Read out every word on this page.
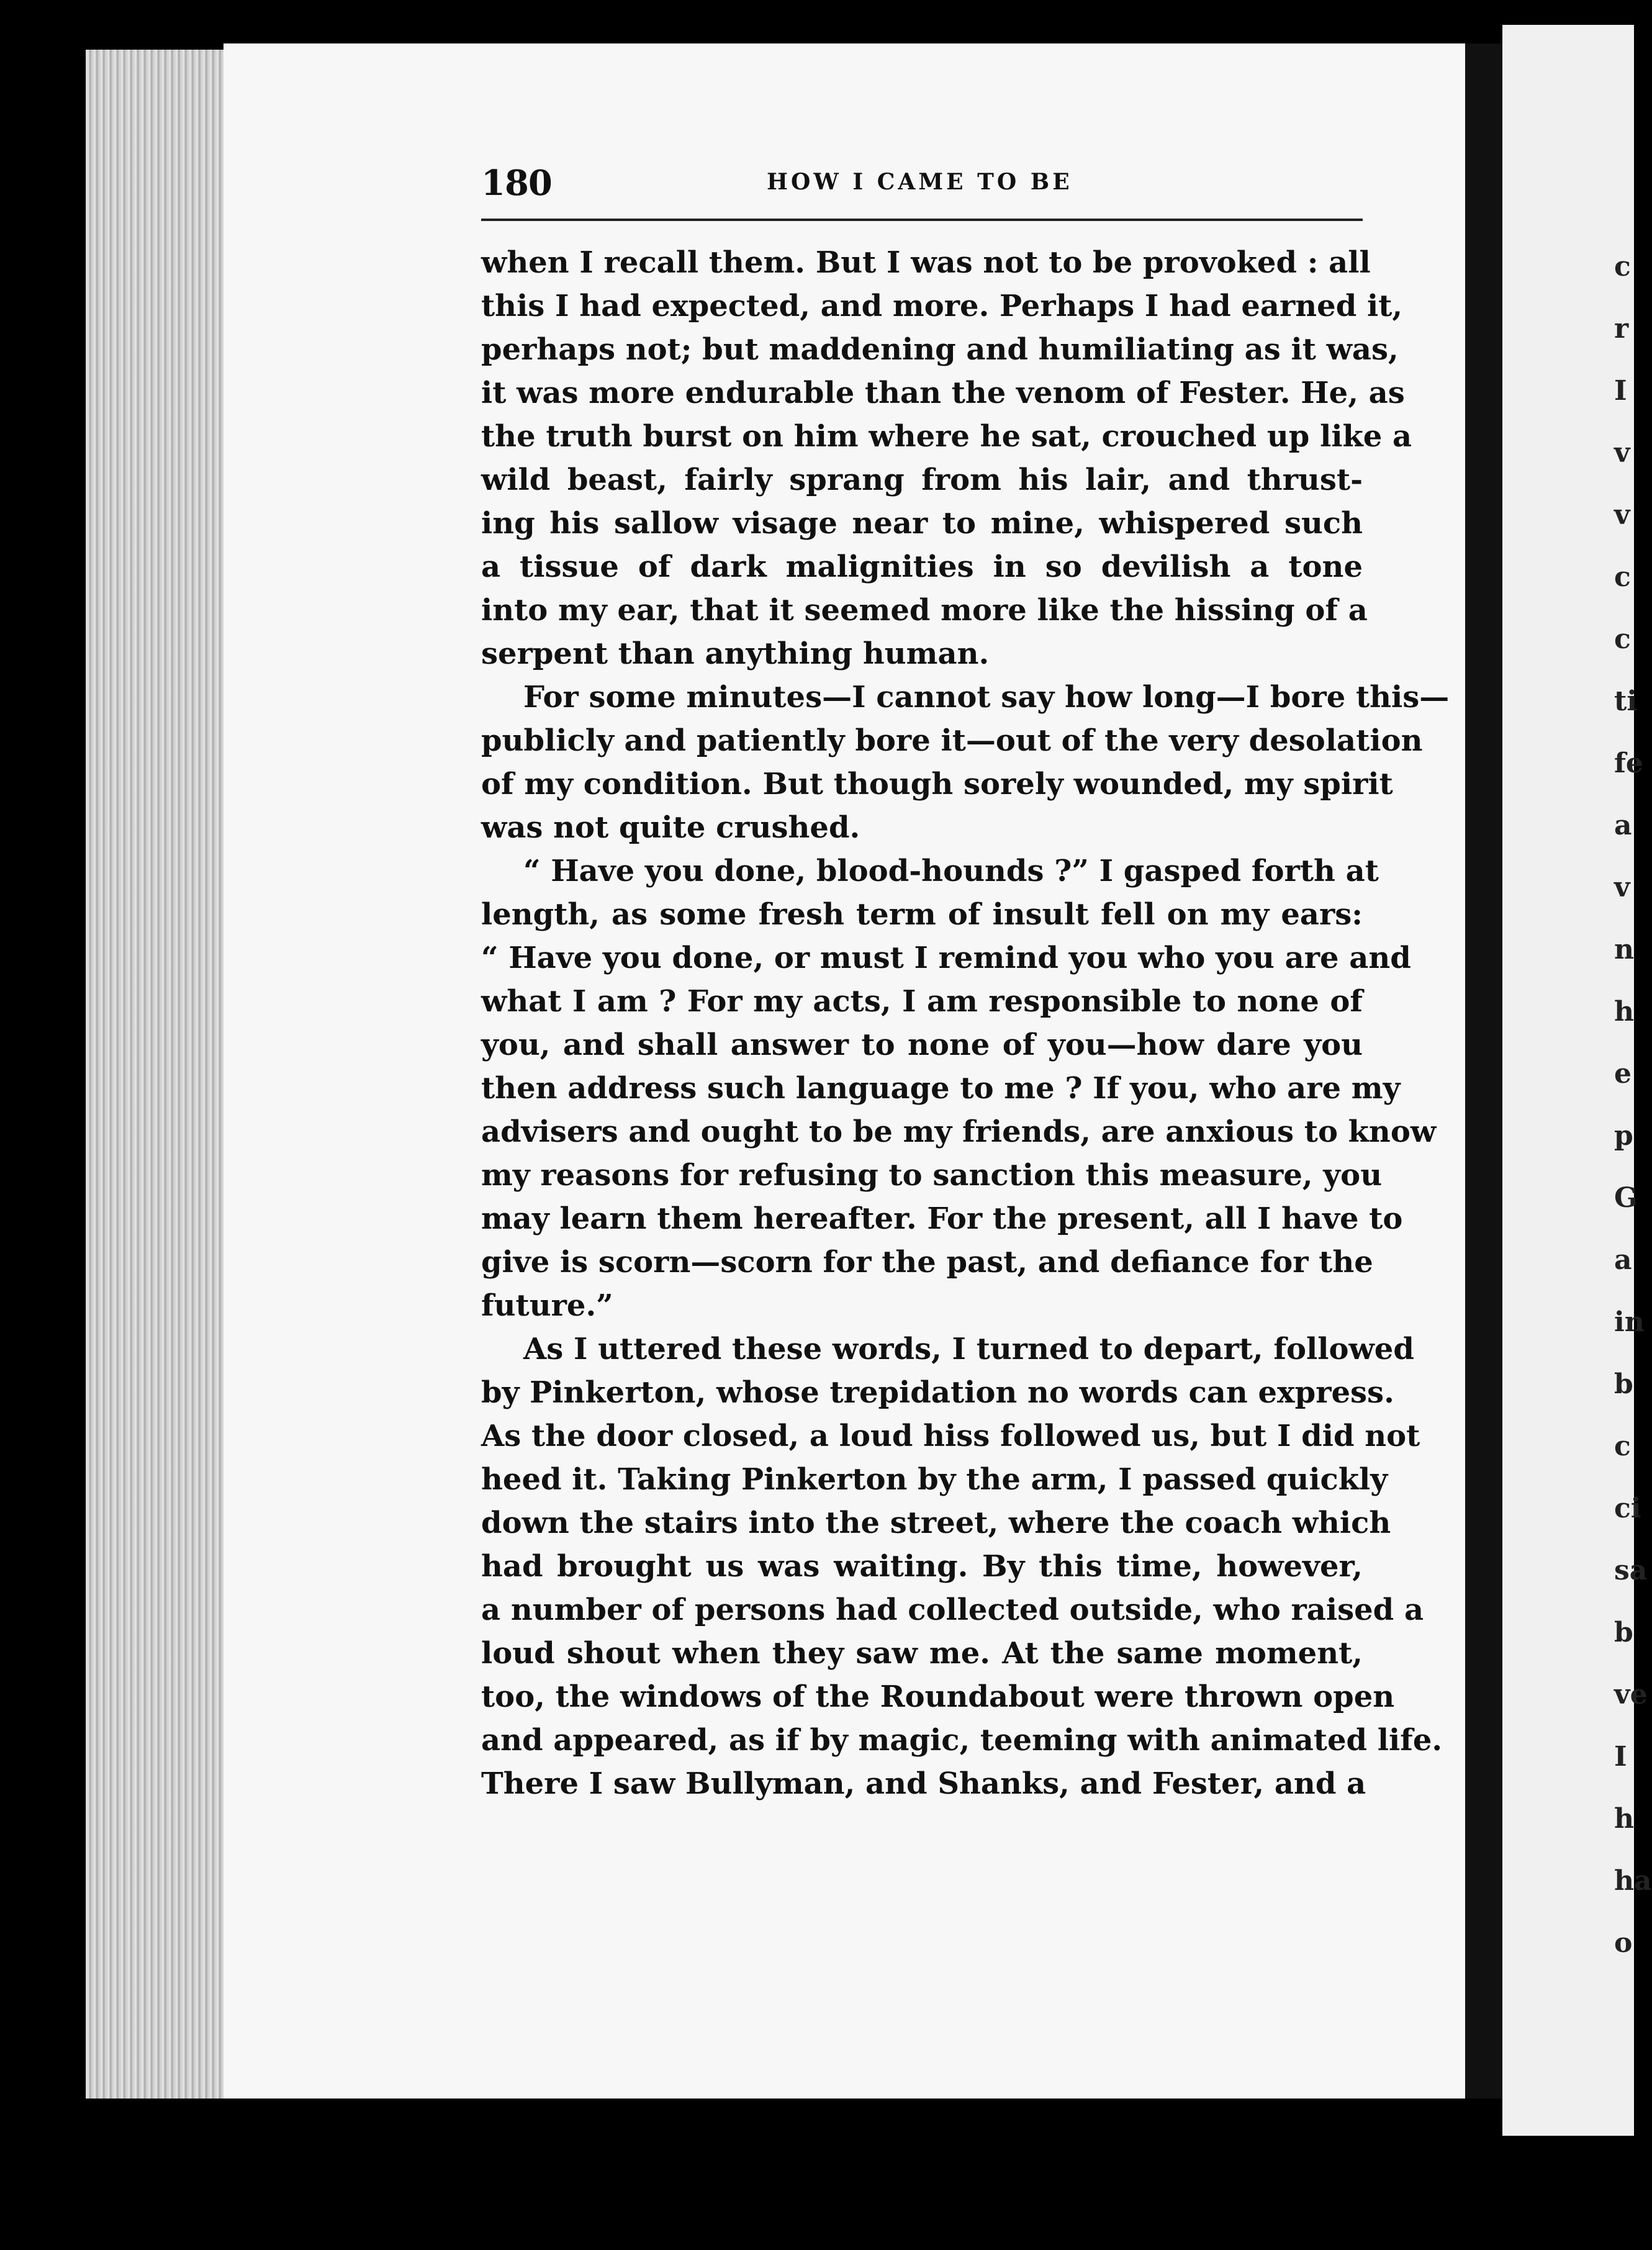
180	HOW I CAME TO BE
when I recall them. But I was not to be provoked : all
this I had expected, and more. Perhaps I had earned it,
perhaps not; but maddening and humiliating as it was,
it was more endurable than the venom of Fester. He, as
the truth burst on him where he sat, crouched up like a
wild beast, fairly sprang from his lair, and thrust-
ing his sallow visage near to mine, whispered such
a tissue of dark malignities in so devilish a tone
into my ear, that it seemed more like the hissing of a
serpent than anything human.
For some minutes—I cannot say how long—I bore this—
publicly and patiently bore it—out of the very desolation
of my condition. But though sorely wounded, my spirit
was not quite crushed.
“ Have you done, blood-hounds ?” I gasped forth at
length, as some fresh term of insult fell on my ears:
“ Have you done, or must I remind you who you are and
what I am ? For my acts, I am responsible to none of
you, and shall answer to none of you—how dare you
then address such language to me ? If you, who are my
advisers and ought to be my friends, are anxious to know
my reasons for refusing to sanction this measure, you
may learn them hereafter. For the present, all I have to
give is scorn—scorn for the past, and defiance for the
future.”
As I uttered these words, I turned to depart, followed
by Pinkerton, whose trepidation no words can express.
As the door closed, a loud hiss followed us, but I did not
heed it. Taking Pinkerton by the arm, I passed quickly
down the stairs into the street, where the coach which
had brought us was waiting. By this time, however,
a number of persons had collected outside, who raised a
loud shout when they saw me. At the same moment,
too, the windows of the Roundabout were thrown open
and appeared, as if by magic, teeming with animated life.
There I saw Bullyman, and Shanks, and Fester, and a
c
r
I
v
v
c
c
ti
fe
a
v
n
h
e
p
G
a
in
b
c
ci
sa
b
ve
I
h
ha
o
